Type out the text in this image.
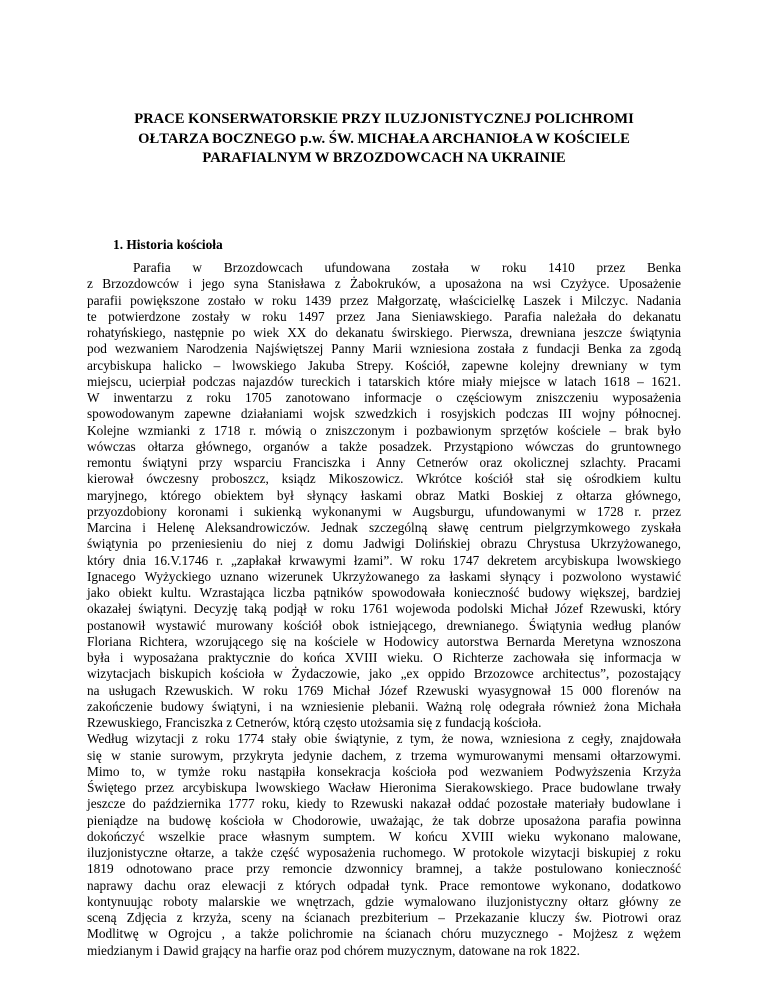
PRACE KONSERWATORSKIE PRZY ILUZJONISTYCZNEJ POLICHROMI
OŁTARZA BOCZNEGO p.w. ŚW. MICHAŁA ARCHANIOŁA W KOŚCIELE
PARAFIALNYM W BRZOZDOWCACH NA UKRAINIE
1. Historia kościoła
Parafia w Brzozdowcach ufundowana została w roku 1410 przez Benka
z Brzozdowców i jego syna Stanisława z Żabokruków, a uposażona na wsi Czyżyce. Uposażenie
parafii powiększone zostało w roku 1439 przez Małgorzatę, właścicielkę Laszek i Milczyc. Nadania
te potwierdzone zostały w roku 1497 przez Jana Sieniawskiego. Parafia należała do dekanatu
rohatyńskiego, następnie po wiek XX do dekanatu świrskiego. Pierwsza, drewniana jeszcze świątynia
pod wezwaniem Narodzenia Najświętszej Panny Marii wzniesiona została z fundacji Benka za zgodą
arcybiskupa halicko – lwowskiego Jakuba Strepy. Kościół, zapewne kolejny drewniany w tym
miejscu, ucierpiał podczas najazdów tureckich i tatarskich które miały miejsce w latach 1618 – 1621.
W inwentarzu z roku 1705 zanotowano informacje o częściowym zniszczeniu wyposażenia
spowodowanym zapewne działaniami wojsk szwedzkich i rosyjskich podczas III wojny północnej.
Kolejne wzmianki z 1718 r. mówią o zniszczonym i pozbawionym sprzętów kościele – brak było
wówczas ołtarza głównego, organów a także posadzek. Przystąpiono wówczas do gruntownego
remontu świątyni przy wsparciu Franciszka i Anny Cetnerów oraz okolicznej szlachty. Pracami
kierował ówczesny proboszcz, ksiądz Mikoszowicz. Wkrótce kościół stał się ośrodkiem kultu
maryjnego, którego obiektem był słynący łaskami obraz Matki Boskiej z ołtarza głównego,
przyozdobiony koronami i sukienką wykonanymi w Augsburgu, ufundowanymi w 1728 r. przez
Marcina i Helenę Aleksandrowiczów. Jednak szczególną sławę centrum pielgrzymkowego zyskała
świątynia po przeniesieniu do niej z domu Jadwigi Dolińskiej obrazu Chrystusa Ukrzyżowanego,
który dnia 16.V.1746 r. „zapłakał krwawymi łzami”. W roku 1747 dekretem arcybiskupa lwowskiego
Ignacego Wyżyckiego uznano wizerunek Ukrzyżowanego za łaskami słynący i pozwolono wystawić
jako obiekt kultu. Wzrastająca liczba pątników spowodowała konieczność budowy większej, bardziej
okazałej świątyni. Decyzję taką podjął w roku 1761 wojewoda podolski Michał Józef Rzewuski, który
postanowił wystawić murowany kościół obok istniejącego, drewnianego. Świątynia według planów
Floriana Richtera, wzorującego się na kościele w Hodowicy autorstwa Bernarda Meretyna wznoszona
była i wyposażana praktycznie do końca XVIII wieku. O Richterze zachowała się informacja w
wizytacjach biskupich kościoła w Żydaczowie, jako „ex oppido Brzozowce architectus”, pozostający
na usługach Rzewuskich. W roku 1769 Michał Józef Rzewuski wyasygnował 15 000 florenów na
zakończenie budowy świątyni, i na wzniesienie plebanii. Ważną rolę odegrała również żona Michała
Rzewuskiego, Franciszka z Cetnerów, którą często utożsamia się z fundacją kościoła.
Według wizytacji z roku 1774 stały obie świątynie, z tym, że nowa, wzniesiona z cegły, znajdowała
się w stanie surowym, przykryta jedynie dachem, z trzema wymurowanymi mensami ołtarzowymi.
Mimo to, w tymże roku nastąpiła konsekracja kościoła pod wezwaniem Podwyższenia Krzyża
Świętego przez arcybiskupa lwowskiego Wacław Hieronima Sierakowskiego. Prace budowlane trwały
jeszcze do października 1777 roku, kiedy to Rzewuski nakazał oddać pozostałe materiały budowlane i
pieniądze na budowę kościoła w Chodorowie, uważając, że tak dobrze uposażona parafia powinna
dokończyć wszelkie prace własnym sumptem. W końcu XVIII wieku wykonano malowane,
iluzjonistyczne ołtarze, a także część wyposażenia ruchomego. W protokole wizytacji biskupiej z roku
1819 odnotowano prace przy remoncie dzwonnicy bramnej, a także postulowano konieczność
naprawy dachu oraz elewacji z których odpadał tynk. Prace remontowe wykonano, dodatkowo
kontynuując roboty malarskie we wnętrzach, gdzie wymalowano iluzjonistyczny ołtarz główny ze
sceną Zdjęcia z krzyża, sceny na ścianach prezbiterium – Przekazanie kluczy św. Piotrowi oraz
Modlitwę w Ogrojcu , a także polichromie na ścianach chóru muzycznego - Mojżesz z wężem
miedzianym i Dawid grający na harfie oraz pod chórem muzycznym, datowane na rok 1822.
